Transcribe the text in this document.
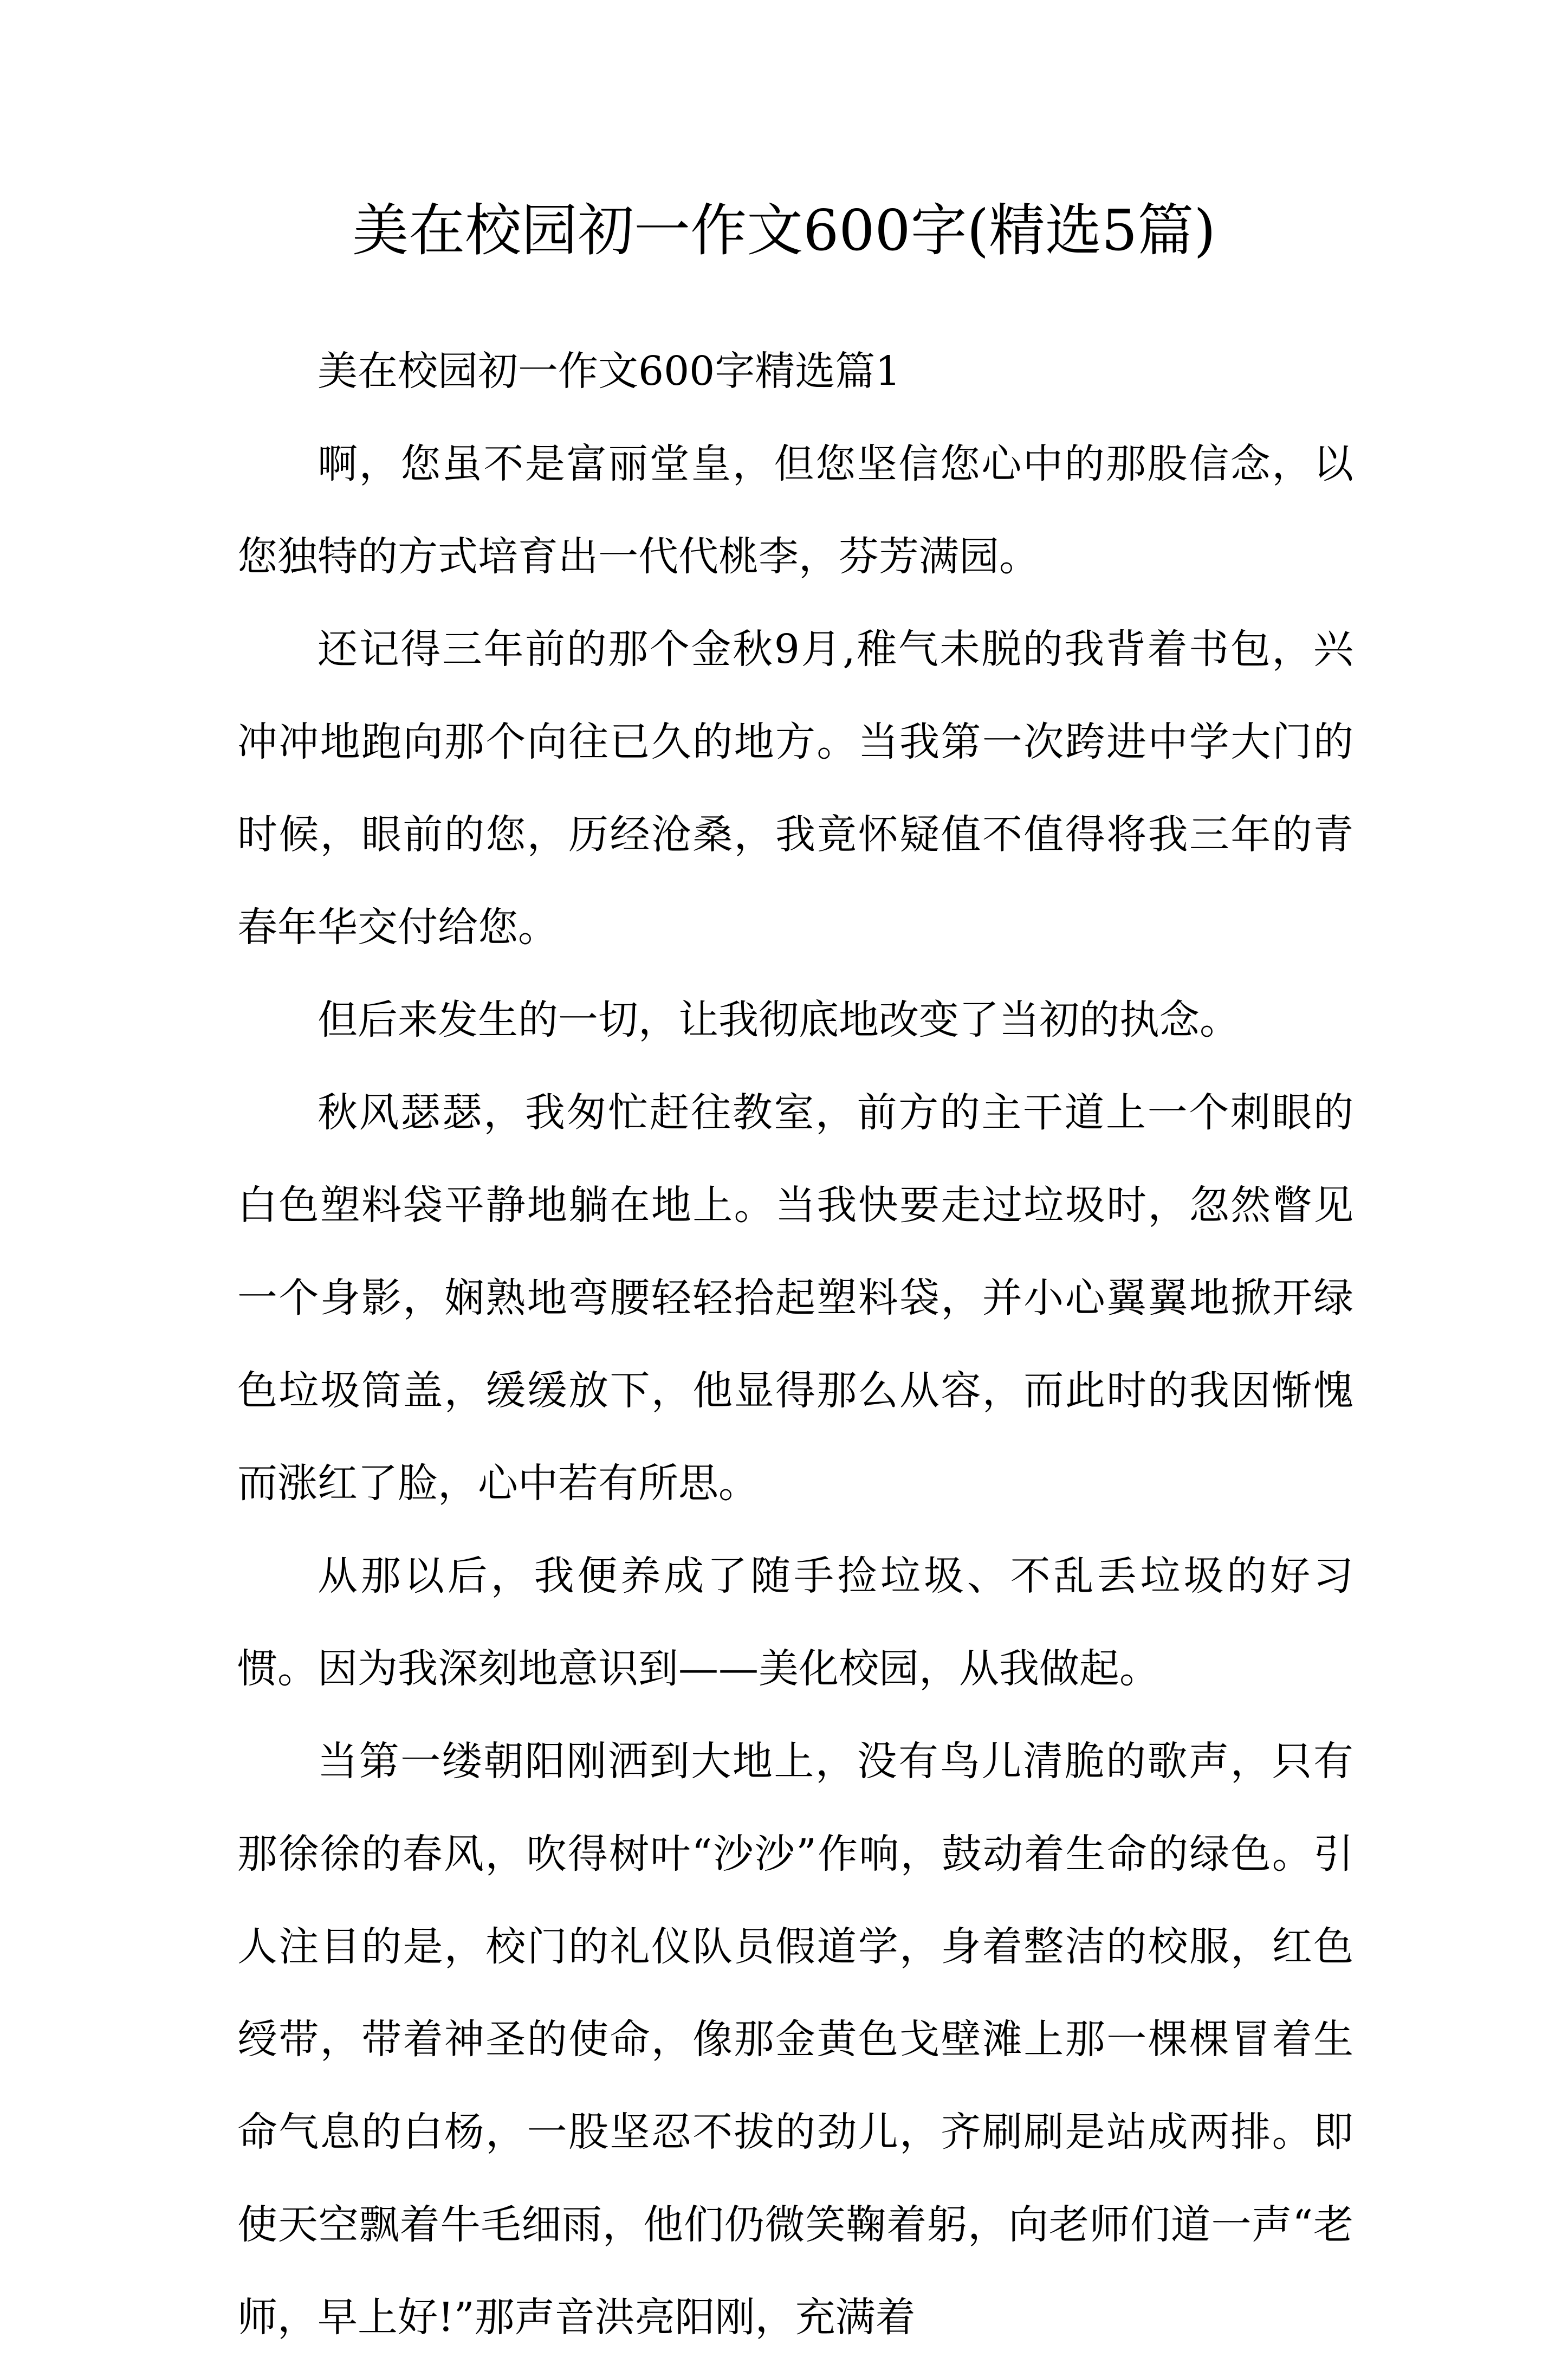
美在校园初一作文600字(精选5篇)

美在校园初一作文600字精选篇1

啊，您虽不是富丽堂皇，但您坚信您心中的那股信念，以您独特的方式培育出一代代桃李，芬芳满园。

还记得三年前的那个金秋9月,稚气未脱的我背着书包，兴冲冲地跑向那个向往已久的地方。当我第一次跨进中学大门的时候，眼前的您，历经沧桑，我竟怀疑值不值得将我三年的青春年华交付给您。

但后来发生的一切，让我彻底地改变了当初的执念。

秋风瑟瑟，我匆忙赶往教室，前方的主干道上一个刺眼的白色塑料袋平静地躺在地上。当我快要走过垃圾时，忽然瞥见一个身影，娴熟地弯腰轻轻拾起塑料袋，并小心翼翼地掀开绿色垃圾筒盖，缓缓放下，他显得那么从容，而此时的我因惭愧而涨红了脸，心中若有所思。

从那以后，我便养成了随手捡垃圾、不乱丢垃圾的好习惯。因为我深刻地意识到——美化校园，从我做起。

当第一缕朝阳刚洒到大地上，没有鸟儿清脆的歌声，只有那徐徐的春风，吹得树叶“沙沙”作响，鼓动着生命的绿色。引人注目的是，校门的礼仪队员假道学，身着整洁的校服，红色绶带，带着神圣的使命，像那金黄色戈壁滩上那一棵棵冒着生命气息的白杨，一股坚忍不拔的劲儿，齐刷刷是站成两排。即使天空飘着牛毛细雨，他们仍微笑鞠着躬，向老师们道一声“老师，早上好!”那声音洪亮阳刚，充满着
